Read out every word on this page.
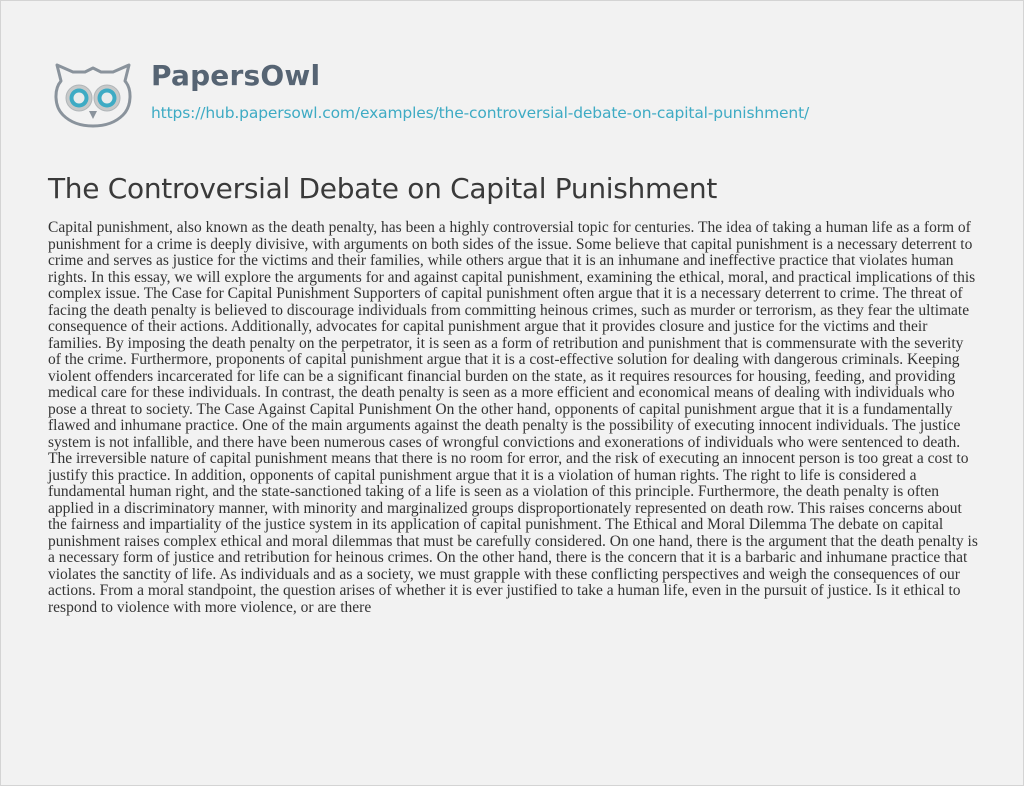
PapersOwl
https://hub.papersowl.com/examples/the-controversial-debate-on-capital-punishment/
The Controversial Debate on Capital Punishment

Capital punishment, also known as the death penalty, has been a highly controversial topic for centuries. The idea of taking a human life as a form of punishment for a crime is deeply divisive, with arguments on both sides of the issue. Some believe that capital punishment is a necessary deterrent to crime and serves as justice for the victims and their families, while others argue that it is an inhumane and ineffective practice that violates human rights. In this essay, we will explore the arguments for and against capital punishment, examining the ethical, moral, and practical implications of this complex issue. The Case for Capital Punishment Supporters of capital punishment often argue that it is a necessary deterrent to crime. The threat of facing the death penalty is believed to discourage individuals from committing heinous crimes, such as murder or terrorism, as they fear the ultimate consequence of their actions. Additionally, advocates for capital punishment argue that it provides closure and justice for the victims and their families. By imposing the death penalty on the perpetrator, it is seen as a form of retribution and punishment that is commensurate with the severity of the crime. Furthermore, proponents of capital punishment argue that it is a cost-effective solution for dealing with dangerous criminals. Keeping violent offenders incarcerated for life can be a significant financial burden on the state, as it requires resources for housing, feeding, and providing medical care for these individuals. In contrast, the death penalty is seen as a more efficient and economical means of dealing with individuals who pose a threat to society. The Case Against Capital Punishment On the other hand, opponents of capital punishment argue that it is a fundamentally flawed and inhumane practice. One of the main arguments against the death penalty is the possibility of executing innocent individuals. The justice system is not infallible, and there have been numerous cases of wrongful convictions and exonerations of individuals who were sentenced to death. The irreversible nature of capital punishment means that there is no room for error, and the risk of executing an innocent person is too great a cost to justify this practice. In addition, opponents of capital punishment argue that it is a violation of human rights. The right to life is considered a fundamental human right, and the state-sanctioned taking of a life is seen as a violation of this principle. Furthermore, the death penalty is often applied in a discriminatory manner, with minority and marginalized groups disproportionately represented on death row. This raises concerns about the fairness and impartiality of the justice system in its application of capital punishment. The Ethical and Moral Dilemma The debate on capital punishment raises complex ethical and moral dilemmas that must be carefully considered. On one hand, there is the argument that the death penalty is a necessary form of justice and retribution for heinous crimes. On the other hand, there is the concern that it is a barbaric and inhumane practice that violates the sanctity of life. As individuals and as a society, we must grapple with these conflicting perspectives and weigh the consequences of our actions. From a moral standpoint, the question arises of whether it is ever justified to take a human life, even in the pursuit of justice. Is it ethical to respond to violence with more violence, or are there
